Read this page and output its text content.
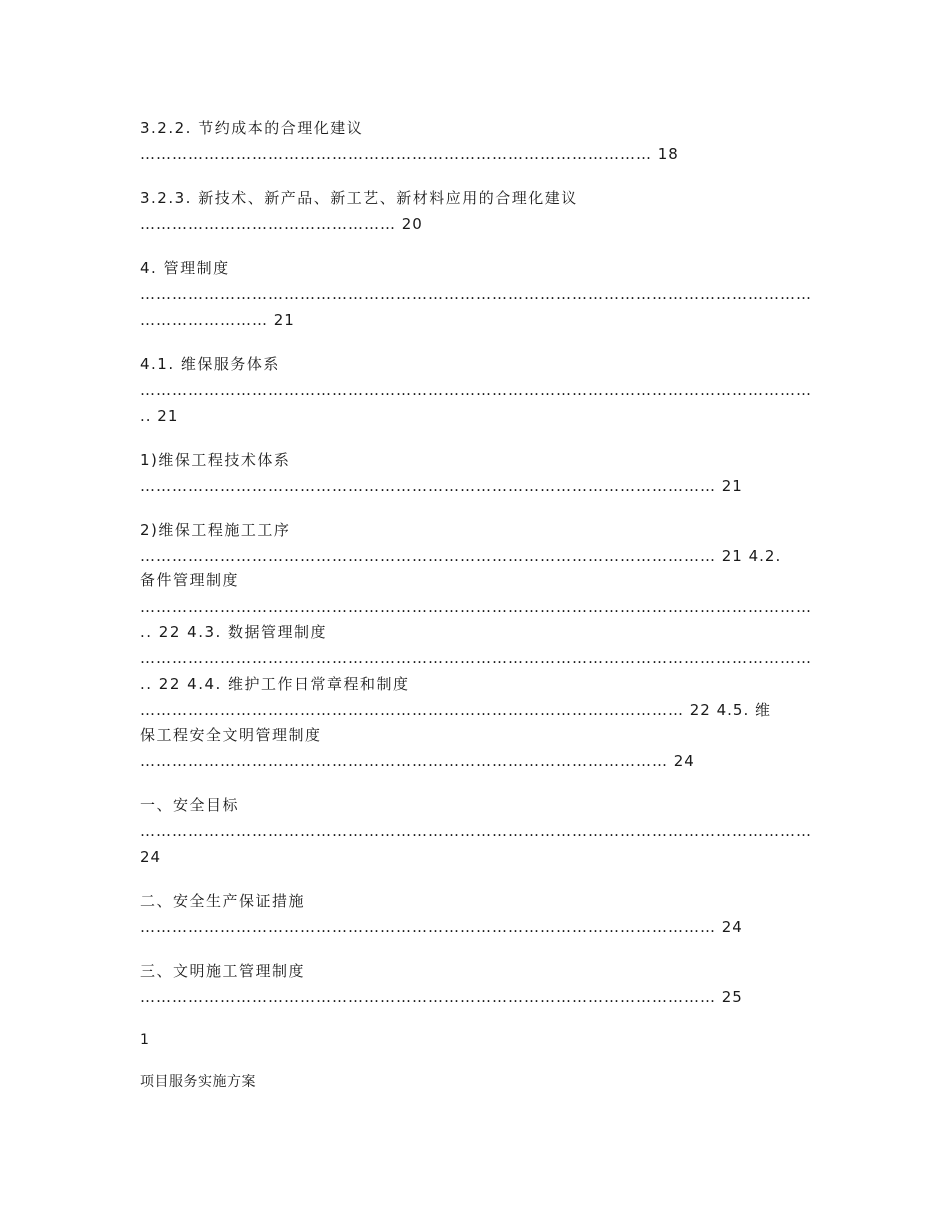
3.2.2. 节约成本的合理化建议
…………………………………………………………………………………… 18
3.2.3. 新技术、新产品、新工艺、新材料应用的合理化建议
………………………………………… 20
4. 管理制度
………………………………………………………………………………………………………………
…………………… 21
4.1. 维保服务体系
………………………………………………………………………………………………………………
.. 21
1)维保工程技术体系
……………………………………………………………………………………………… 21
2)维保工程施工工序
……………………………………………………………………………………………… 21 4.2.
备件管理制度
………………………………………………………………………………………………………………
.. 22 4.3. 数据管理制度
………………………………………………………………………………………………………………
.. 22 4.4. 维护工作日常章程和制度
………………………………………………………………………………………… 22 4.5. 维
保工程安全文明管理制度
……………………………………………………………………………………… 24
一、安全目标
………………………………………………………………………………………………………………
24
二、安全生产保证措施
……………………………………………………………………………………………… 24
三、文明施工管理制度
……………………………………………………………………………………………… 25
1
项目服务实施方案
